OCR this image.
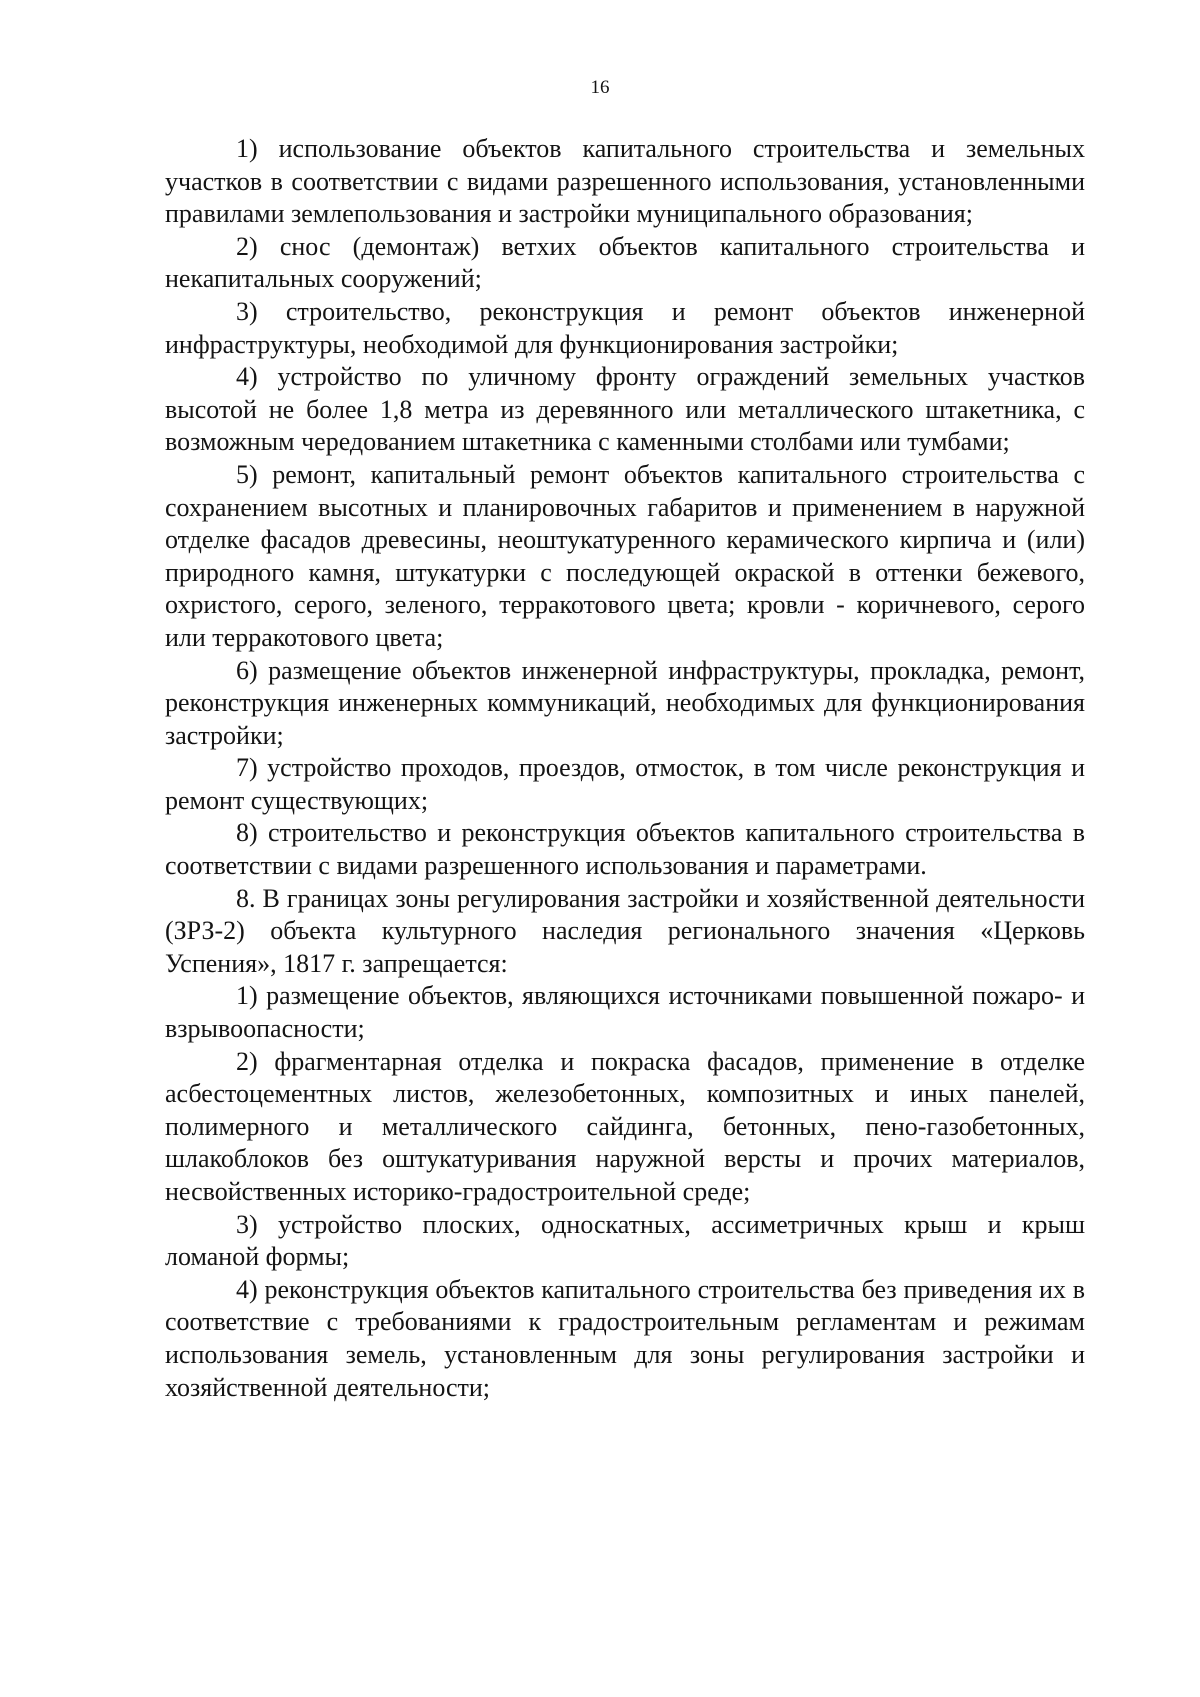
16

1) использование объектов капитального строительства и земельных участков в соответствии с видами разрешенного использования, установленными правилами землепользования и застройки муниципального образования;

2) снос (демонтаж) ветхих объектов капитального строительства и некапитальных сооружений;

3) строительство, реконструкция и ремонт объектов инженерной инфраструктуры, необходимой для функционирования застройки;

4) устройство по уличному фронту ограждений земельных участков высотой не более 1,8 метра из деревянного или металлического штакетника, с возможным чередованием штакетника с каменными столбами или тумбами;

5) ремонт, капитальный ремонт объектов капитального строительства с сохранением высотных и планировочных габаритов и применением в наружной отделке фасадов древесины, неоштукатуренного керамического кирпича и (или) природного камня, штукатурки с последующей окраской в оттенки бежевого, охристого, серого, зеленого, терракотового цвета; кровли - коричневого, серого или терракотового цвета;

6) размещение объектов инженерной инфраструктуры, прокладка, ремонт, реконструкция инженерных коммуникаций, необходимых для функционирования застройки;

7) устройство проходов, проездов, отмосток, в том числе реконструкция и ремонт существующих;

8) строительство и реконструкция объектов капитального строительства в соответствии с видами разрешенного использования и параметрами.

8. В границах зоны регулирования застройки и хозяйственной деятельности (ЗРЗ-2) объекта культурного наследия регионального значения «Церковь Успения», 1817 г. запрещается:

1) размещение объектов, являющихся источниками повышенной пожаро- и взрывоопасности;

2) фрагментарная отделка и покраска фасадов, применение в отделке асбестоцементных листов, железобетонных, композитных и иных панелей, полимерного и металлического сайдинга, бетонных, пено-газобетонных, шлакоблоков без оштукатуривания наружной версты и прочих материалов, несвойственных историко-градостроительной среде;

3) устройство плоских, односкатных, ассиметричных крыш и крыш ломаной формы;

4) реконструкция объектов капитального строительства без приведения их в соответствие с требованиями к градостроительным регламентам и режимам использования земель, установленным для зоны регулирования застройки и хозяйственной деятельности;
